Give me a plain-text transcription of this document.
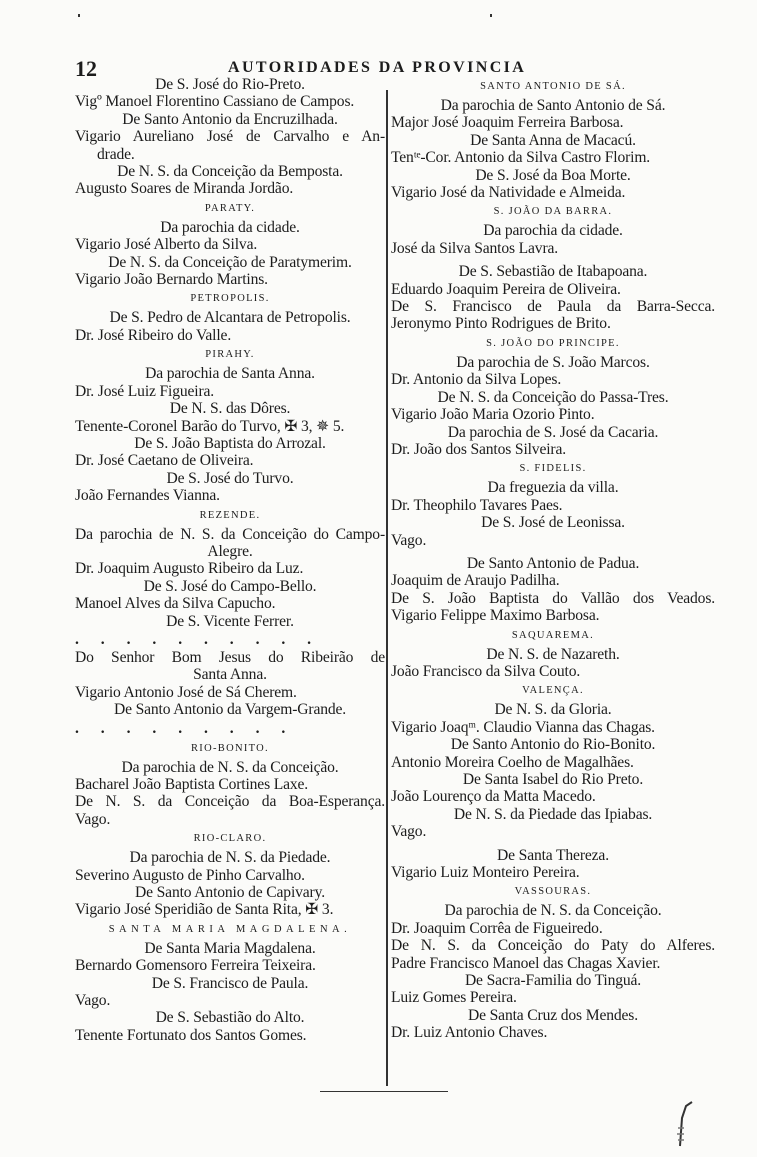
12	AUTORIDADES DA PROVINCIA
De S. José do Rio-Preto.
Vigº Manoel Florentino Cassiano de Campos.
De Santo Antonio da Encruzilhada.
Vigario Aureliano José de Carvalho e An-
drade.
De N. S. da Conceição da Bemposta.
Augusto Soares de Miranda Jordão.
PARATY.
Da parochia da cidade.
Vigario José Alberto da Silva.
De N. S. da Conceição de Paratymerim.
Vigario João Bernardo Martins.
PETROPOLIS.
De S. Pedro de Alcantara de Petropolis.
Dr. José Ribeiro do Valle.
PIRAHY.
Da parochia de Santa Anna.
Dr. José Luiz Figueira.
De N. S. das Dôres.
Tenente-Coronel Barão do Turvo, ✠ 3, ✵ 5.
De S. João Baptista do Arrozal.
Dr. José Caetano de Oliveira.
De S. José do Turvo.
João Fernandes Vianna.
REZENDE.
Da parochia de N. S. da Conceição do Campo-
Alegre.
Dr. Joaquim Augusto Ribeiro da Luz.
De S. José do Campo-Bello.
Manoel Alves da Silva Capucho.
De S. Vicente Ferrer.
. . . . . . . . . .
Do Senhor Bom Jesus do Ribeirão de
Santa Anna.
Vigario Antonio José de Sá Cherem.
De Santo Antonio da Vargem-Grande.
. . . . . . . . .
RIO-BONITO.
Da parochia de N. S. da Conceição.
Bacharel João Baptista Cortines Laxe.
De N. S. da Conceição da Boa-Esperança.
Vago.
RIO-CLARO.
Da parochia de N. S. da Piedade.
Severino Augusto de Pinho Carvalho.
De Santo Antonio de Capivary.
Vigario José Speridião de Santa Rita, ✠ 3.
SANTA MARIA MAGDALENA.
De Santa Maria Magdalena.
Bernardo Gomensoro Ferreira Teixeira.
De S. Francisco de Paula.
Vago.
De S. Sebastião do Alto.
Tenente Fortunato dos Santos Gomes.
SANTO ANTONIO DE SÁ.
Da parochia de Santo Antonio de Sá.
Major José Joaquim Ferreira Barbosa.
De Santa Anna de Macacú.
Tenᵗᵉ-Cor. Antonio da Silva Castro Florim.
De S. José da Boa Morte.
Vigario José da Natividade e Almeida.
S. JOÃO DA BARRA.
Da parochia da cidade.
José da Silva Santos Lavra.
De S. Sebastião de Itabapoana.
Eduardo Joaquim Pereira de Oliveira.
De S. Francisco de Paula da Barra-Secca.
Jeronymo Pinto Rodrigues de Brito.
S. JOÃO DO PRINCIPE.
Da parochia de S. João Marcos.
Dr. Antonio da Silva Lopes.
De N. S. da Conceição do Passa-Tres.
Vigario João Maria Ozorio Pinto.
Da parochia de S. José da Cacaria.
Dr. João dos Santos Silveira.
S. FIDELIS.
Da freguezia da villa.
Dr. Theophilo Tavares Paes.
De S. José de Leonissa.
Vago.
De Santo Antonio de Padua.
Joaquim de Araujo Padilha.
De S. João Baptista do Vallão dos Veados.
Vigario Felippe Maximo Barbosa.
SAQUAREMA.
De N. S. de Nazareth.
João Francisco da Silva Couto.
VALENÇA.
De N. S. da Gloria.
Vigario Joaqᵐ. Claudio Vianna das Chagas.
De Santo Antonio do Rio-Bonito.
Antonio Moreira Coelho de Magalhães.
De Santa Isabel do Rio Preto.
João Lourenço da Matta Macedo.
De N. S. da Piedade das Ipiabas.
Vago.
De Santa Thereza.
Vigario Luiz Monteiro Pereira.
VASSOURAS.
Da parochia de N. S. da Conceição.
Dr. Joaquim Corrêa de Figueiredo.
De N. S. da Conceição do Paty do Alferes.
Padre Francisco Manoel das Chagas Xavier.
De Sacra-Familia do Tinguá.
Luiz Gomes Pereira.
De Santa Cruz dos Mendes.
Dr. Luiz Antonio Chaves.
